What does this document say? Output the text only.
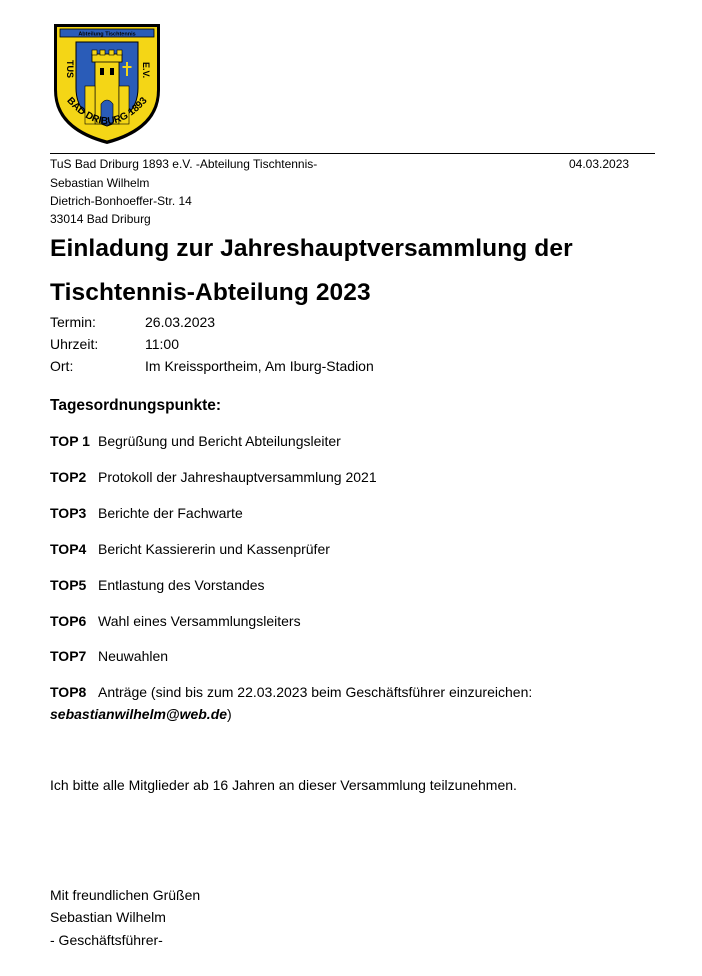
Abteilung Tischtennis
TUS	E.V.
BAD DRIBURG 1893
TuS Bad Driburg 1893 e.V. -Abteilung Tischtennis-
Sebastian Wilhelm
Dietrich-Bonhoeffer-Str. 14
33014 Bad Driburg
04.03.2023
Einladung zur Jahreshauptversammlung der
Tischtennis-Abteilung 2023
Termin:	26.03.2023
Uhrzeit:	11:00
Ort:	Im Kreissportheim, Am Iburg-Stadion
Tagesordnungspunkte:
TOP 1 Begrüßung und Bericht Abteilungsleiter
TOP2 Protokoll der Jahreshauptversammlung 2021
TOP3 Berichte der Fachwarte
TOP4 Bericht Kassiererin und Kassenprüfer
TOP5 Entlastung des Vorstandes
TOP6 Wahl eines Versammlungsleiters
TOP7 Neuwahlen
TOP8 Anträge (sind bis zum 22.03.2023 beim Geschäftsführer einzureichen:
sebastianwilhelm@web.de)
Ich bitte alle Mitglieder ab 16 Jahren an dieser Versammlung teilzunehmen.
Mit freundlichen Grüßen
Sebastian Wilhelm
- Geschäftsführer-
